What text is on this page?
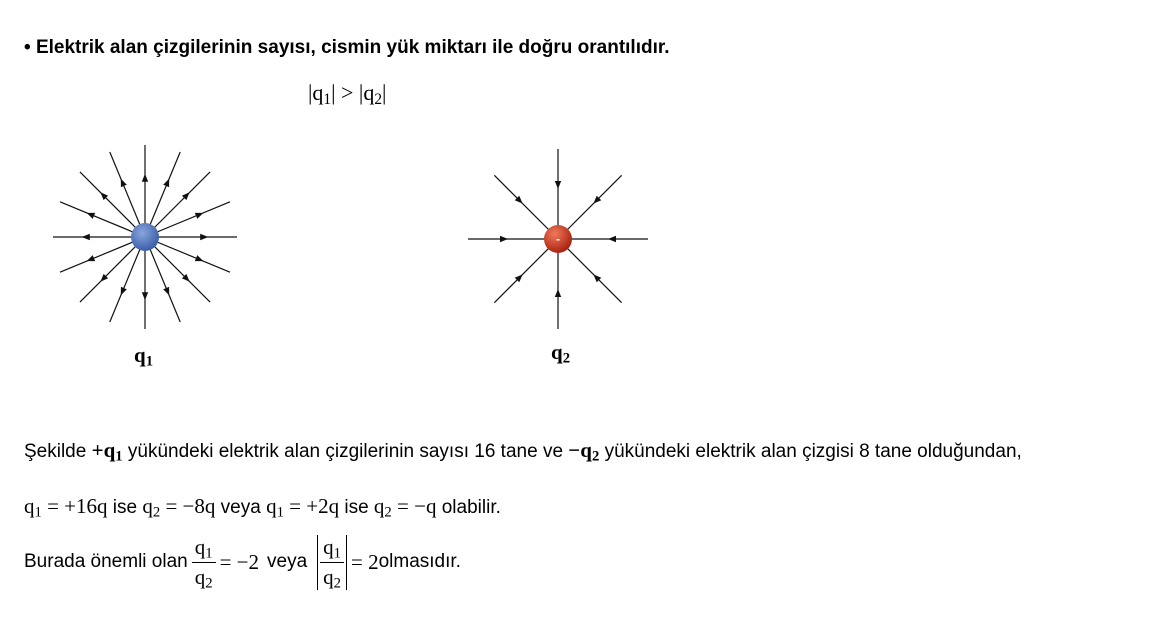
• Elektrik alan çizgilerinin sayısı, cismin yük miktarı ile doğru orantılıdır.
$|q_1| > |q_2|$
-
$q_1$	$q_2$
Şekilde $+q_1$ yükündeki elektrik alan çizgilerinin sayısı 16 tane ve $-q_2$ yükündeki elektrik alan çizgisi 8 tane olduğundan,
$q_1 = +16q$ ise $q_2 = -8q$ veya $q_1 = +2q$ ise $q_2 = -q$ olabilir.
Burada önemli olan $\frac{q_1}{q_2} = -2$ veya $\frac{q_1}{q_2} = 2$ olmasıdır.
